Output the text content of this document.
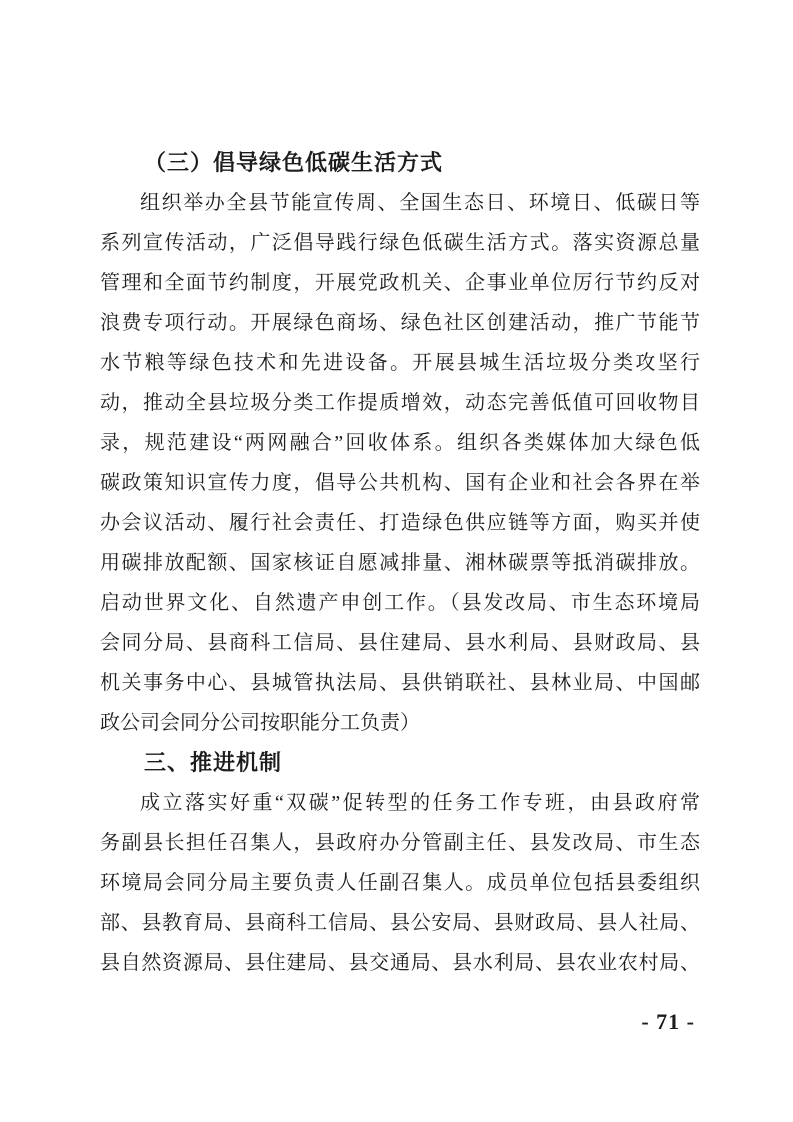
（三）倡导绿色低碳生活方式
组织举办全县节能宣传周、全国生态日、环境日、低碳日等
系列宣传活动，广泛倡导践行绿色低碳生活方式。落实资源总量
管理和全面节约制度，开展党政机关、企事业单位厉行节约反对
浪费专项行动。开展绿色商场、绿色社区创建活动，推广节能节
水节粮等绿色技术和先进设备。开展县城生活垃圾分类攻坚行
动，推动全县垃圾分类工作提质增效，动态完善低值可回收物目
录，规范建设“两网融合”回收体系。组织各类媒体加大绿色低
碳政策知识宣传力度，倡导公共机构、国有企业和社会各界在举
办会议活动、履行社会责任、打造绿色供应链等方面，购买并使
用碳排放配额、国家核证自愿减排量、湘林碳票等抵消碳排放。
启动世界文化、自然遗产申创工作。（县发改局、市生态环境局
会同分局、县商科工信局、县住建局、县水利局、县财政局、县
机关事务中心、县城管执法局、县供销联社、县林业局、中国邮
政公司会同分公司按职能分工负责）
三、推进机制
成立落实好重“双碳”促转型的任务工作专班，由县政府常
务副县长担任召集人，县政府办分管副主任、县发改局、市生态
环境局会同分局主要负责人任副召集人。成员单位包括县委组织
部、县教育局、县商科工信局、县公安局、县财政局、县人社局、
县自然资源局、县住建局、县交通局、县水利局、县农业农村局、
- 71 -
